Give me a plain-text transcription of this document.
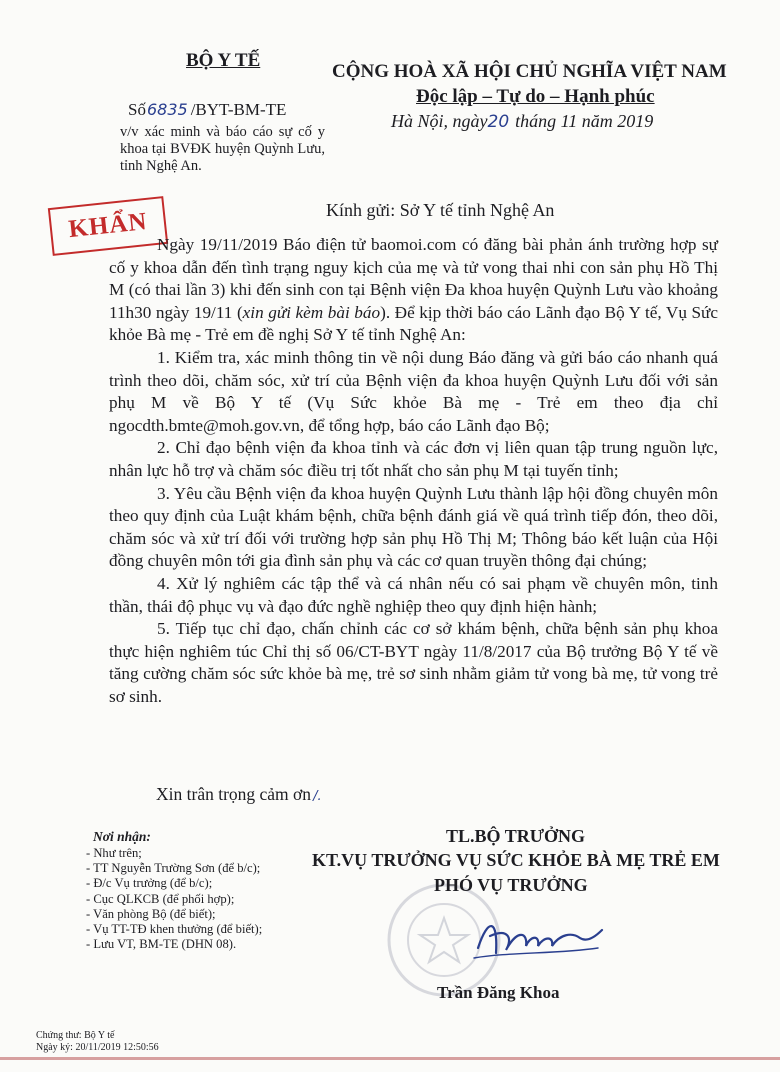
BỘ Y TẾ
CỘNG HOÀ XÃ HỘI CHỦ NGHĨA VIỆT NAM
Độc lập – Tự do – Hạnh phúc
Số6835 /BYT-BM-TE
Hà Nội, ngày20 tháng 11 năm 2019
v/v xác minh và báo cáo sự cố y khoa tại BVĐK huyện Quỳnh Lưu, tỉnh Nghệ An.
KHẨN	Kính gửi: Sở Y tế tỉnh Nghệ An

Ngày 19/11/2019 Báo điện tử baomoi.com có đăng bài phản ánh trường hợp sự cố y khoa dẫn đến tình trạng nguy kịch của mẹ và tử vong thai nhi con sản phụ Hồ Thị M (có thai lần 3) khi đến sinh con tại Bệnh viện Đa khoa huyện Quỳnh Lưu vào khoảng 11h30 ngày 19/11 (xin gửi kèm bài báo). Để kịp thời báo cáo Lãnh đạo Bộ Y tế, Vụ Sức khỏe Bà mẹ - Trẻ em đề nghị Sở Y tế tỉnh Nghệ An:

1. Kiểm tra, xác minh thông tin về nội dung Báo đăng và gửi báo cáo nhanh quá trình theo dõi, chăm sóc, xử trí của Bệnh viện đa khoa huyện Quỳnh Lưu đối với sản phụ M về Bộ Y tế (Vụ Sức khỏe Bà mẹ - Trẻ em theo địa chỉ ngocdth.bmte@moh.gov.vn, để tổng hợp, báo cáo Lãnh đạo Bộ;

2. Chỉ đạo bệnh viện đa khoa tỉnh và các đơn vị liên quan tập trung nguồn lực, nhân lực hỗ trợ và chăm sóc điều trị tốt nhất cho sản phụ M tại tuyến tỉnh;

3. Yêu cầu Bệnh viện đa khoa huyện Quỳnh Lưu thành lập hội đồng chuyên môn theo quy định của Luật khám bệnh, chữa bệnh đánh giá về quá trình tiếp đón, theo dõi, chăm sóc và xử trí đối với trường hợp sản phụ Hồ Thị M; Thông báo kết luận của Hội đồng chuyên môn tới gia đình sản phụ và các cơ quan truyền thông đại chúng;

4. Xử lý nghiêm các tập thể và cá nhân nếu có sai phạm về chuyên môn, tinh thần, thái độ phục vụ và đạo đức nghề nghiệp theo quy định hiện hành;

5. Tiếp tục chỉ đạo, chấn chỉnh các cơ sở khám bệnh, chữa bệnh sản phụ khoa thực hiện nghiêm túc Chỉ thị số 06/CT-BYT ngày 11/8/2017 của Bộ trưởng Bộ Y tế về tăng cường chăm sóc sức khỏe bà mẹ, trẻ sơ sinh nhằm giảm tử vong bà mẹ, tử vong trẻ sơ sinh.

Xin trân trọng cảm ơn /.
Nơi nhận:
- Như trên;
- TT Nguyễn Trường Sơn (để b/c);
- Đ/c Vụ trưởng (để b/c);
- Cục QLKCB (để phối hợp);
- Văn phòng Bộ (để biết);
- Vụ TT-TĐ khen thưởng (để biết);
- Lưu VT, BM-TE (DHN 08).
TL.BỘ TRƯỞNG
KT.VỤ TRƯỞNG VỤ SỨC KHỎE BÀ MẸ TRẺ EM
PHÓ VỤ TRƯỞNG
Trần Đăng Khoa
Chứng thư: Bộ Y tế
Ngày ký: 20/11/2019 12:50:56
